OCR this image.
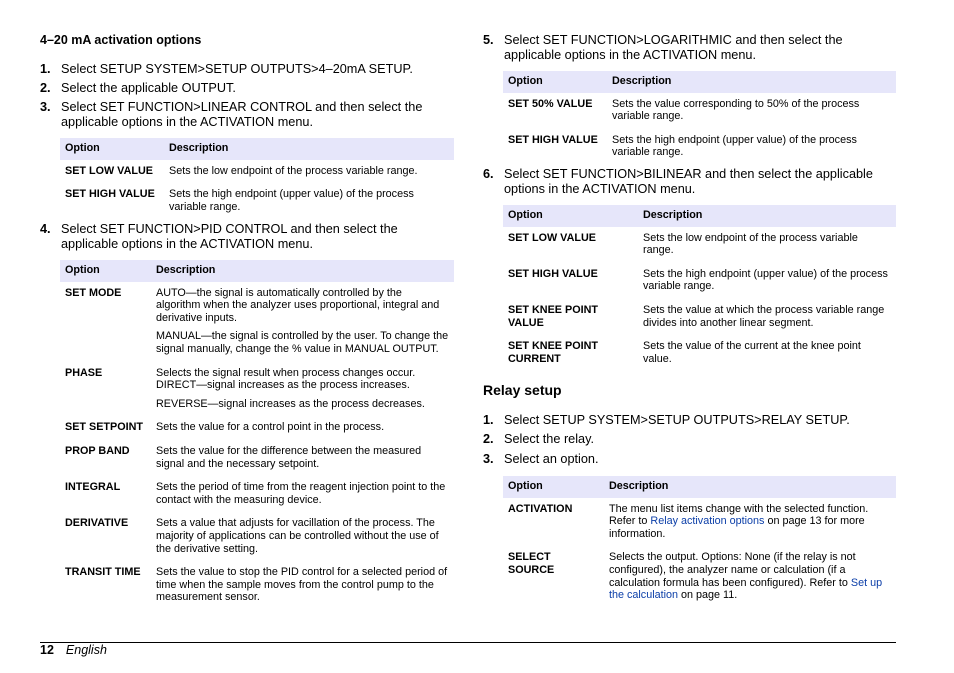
4–20 mA activation options
1. Select SETUP SYSTEM>SETUP OUTPUTS>4–20mA SETUP.
2. Select the applicable OUTPUT.
3. Select SET FUNCTION>LINEAR CONTROL and then select the applicable options in the ACTIVATION menu.
Option	Description
SET LOW VALUE	Sets the low endpoint of the process variable range.
SET HIGH VALUE	Sets the high endpoint (upper value) of the process variable range.
4. Select SET FUNCTION>PID CONTROL and then select the applicable options in the ACTIVATION menu.
Option	Description
SET MODE	AUTO—the signal is automatically controlled by the algorithm when the analyzer uses proportional, integral and derivative inputs.

MANUAL—the signal is controlled by the user. To change the signal manually, change the % value in MANUAL OUTPUT.

PHASE	Selects the signal result when process changes occur. DIRECT—signal increases as the process increases.

REVERSE—signal increases as the process decreases.

SET SETPOINT	Sets the value for a control point in the process.
PROP BAND	Sets the value for the difference between the measured signal and the necessary setpoint.
INTEGRAL	Sets the period of time from the reagent injection point to the contact with the measuring device.
DERIVATIVE	Sets a value that adjusts for vacillation of the process. The majority of applications can be controlled without the use of the derivative setting.
TRANSIT TIME	Sets the value to stop the PID control for a selected period of time when the sample moves from the control pump to the measurement sensor.
5. Select SET FUNCTION>LOGARITHMIC and then select the applicable options in the ACTIVATION menu.
Option	Description
SET 50% VALUE	Sets the value corresponding to 50% of the process variable range.
SET HIGH VALUE	Sets the high endpoint (upper value) of the process variable range.
6. Select SET FUNCTION>BILINEAR and then select the applicable options in the ACTIVATION menu.
Option	Description
SET LOW VALUE	Sets the low endpoint of the process variable range.
SET HIGH VALUE	Sets the high endpoint (upper value) of the process variable range.
SET KNEE POINT VALUE	Sets the value at which the process variable range divides into another linear segment.
SET KNEE POINT CURRENT	Sets the value of the current at the knee point value.
Relay setup
1. Select SETUP SYSTEM>SETUP OUTPUTS>RELAY SETUP.
2. Select the relay.
3. Select an option.
Option	Description
ACTIVATION	The menu list items change with the selected function. Refer to Relay activation options on page 13 for more information.
SELECT SOURCE	Selects the output. Options: None (if the relay is not configured), the analyzer name or calculation (if a calculation formula has been configured). Refer to Set up the calculation on page 11.
12 English
